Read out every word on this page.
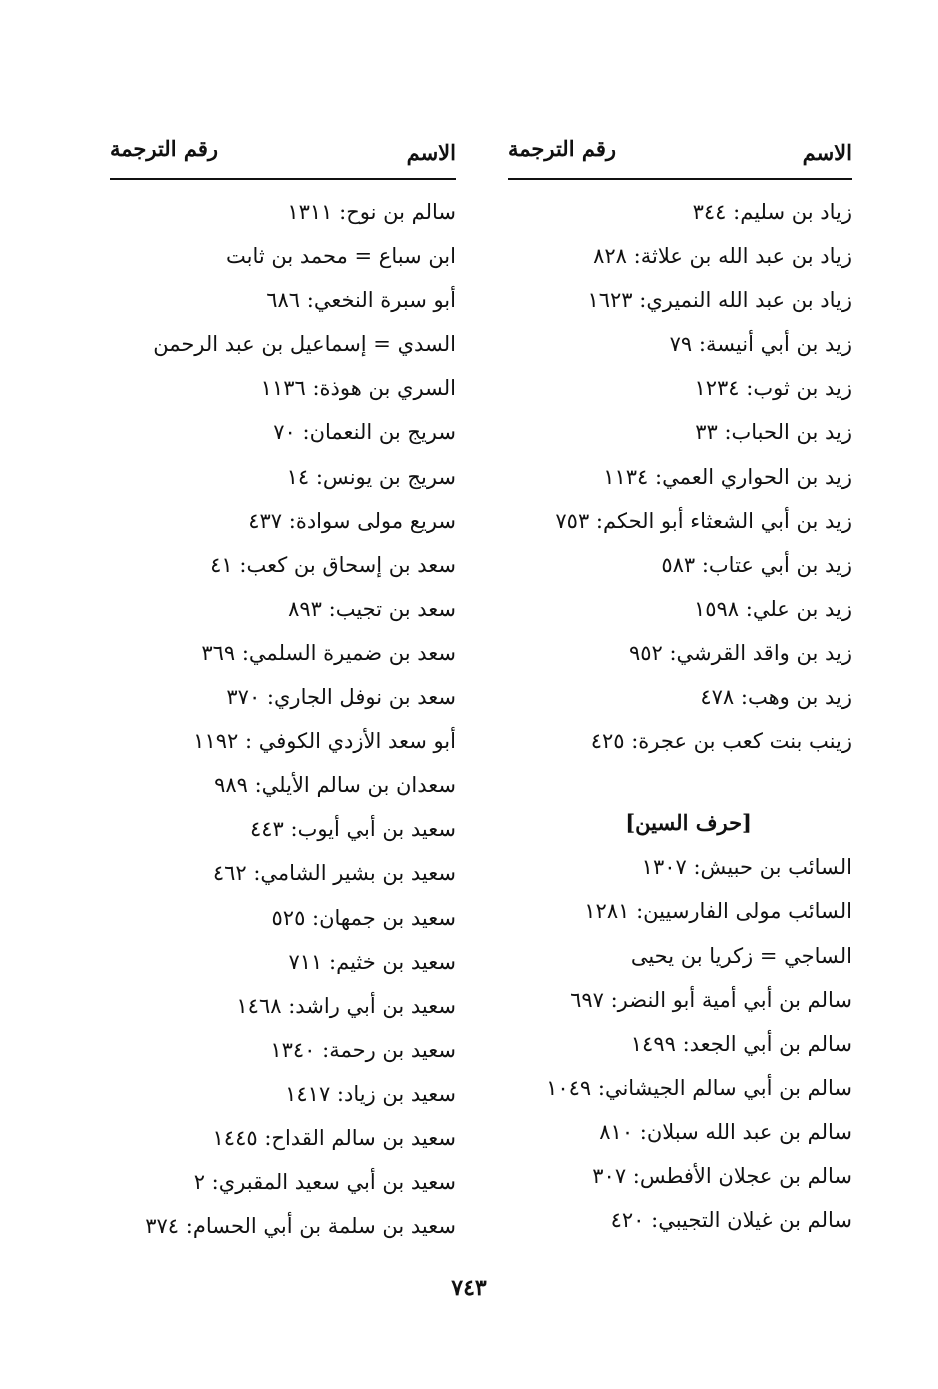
الاسم
رقم الترجمة
زياد بن سليم: ٣٤٤
زياد بن عبد الله بن علاثة: ٨٢٨
زياد بن عبد الله النميري: ١٦٢٣
زيد بن أبي أنيسة: ٧٩
زيد بن ثوب: ١٢٣٤
زيد بن الحباب: ٣٣
زيد بن الحواري العمي: ١١٣٤
زيد بن أبي الشعثاء أبو الحكم: ٧٥٣
زيد بن أبي عتاب: ٥٨٣
زيد بن علي: ١٥٩٨
زيد بن واقد القرشي: ٩٥٢
زيد بن وهب: ٤٧٨
زينب بنت كعب بن عجرة: ٤٢٥
[حرف السين]
السائب بن حبيش: ١٣٠٧
السائب مولى الفارسيين: ١٢٨١
الساجي = زكريا بن يحيى
سالم بن أبي أمية أبو النضر: ٦٩٧
سالم بن أبي الجعد: ١٤٩٩
سالم بن أبي سالم الجيشاني: ١٠٤٩
سالم بن عبد الله سبلان: ٨١٠
سالم بن عجلان الأفطس: ٣٠٧
سالم بن غيلان التجيبي: ٤٢٠
الاسم
رقم الترجمة
سالم بن نوح: ١٣١١
ابن سباع = محمد بن ثابت
أبو سبرة النخعي: ٦٨٦
السدي = إسماعيل بن عبد الرحمن
السري بن هوذة: ١١٣٦
سريج بن النعمان: ٧٠
سريج بن يونس: ١٤
سريع مولى سوادة: ٤٣٧
سعد بن إسحاق بن كعب: ٤١
سعد بن تجيب: ٨٩٣
سعد بن ضميرة السلمي: ٣٦٩
سعد بن نوفل الجاري: ٣٧٠
أبو سعد الأزدي الكوفي : ١١٩٢
سعدان بن سالم الأيلي: ٩٨٩
سعيد بن أبي أيوب: ٤٤٣
سعيد بن بشير الشامي: ٤٦٢
سعيد بن جمهان: ٥٢٥
سعيد بن خثيم: ٧١١
سعيد بن أبي راشد: ١٤٦٨
سعيد بن رحمة: ١٣٤٠
سعيد بن زياد: ١٤١٧
سعيد بن سالم القداح: ١٤٤٥
سعيد بن أبي سعيد المقبري: ٢
سعيد بن سلمة بن أبي الحسام: ٣٧٤
٧٤٣
